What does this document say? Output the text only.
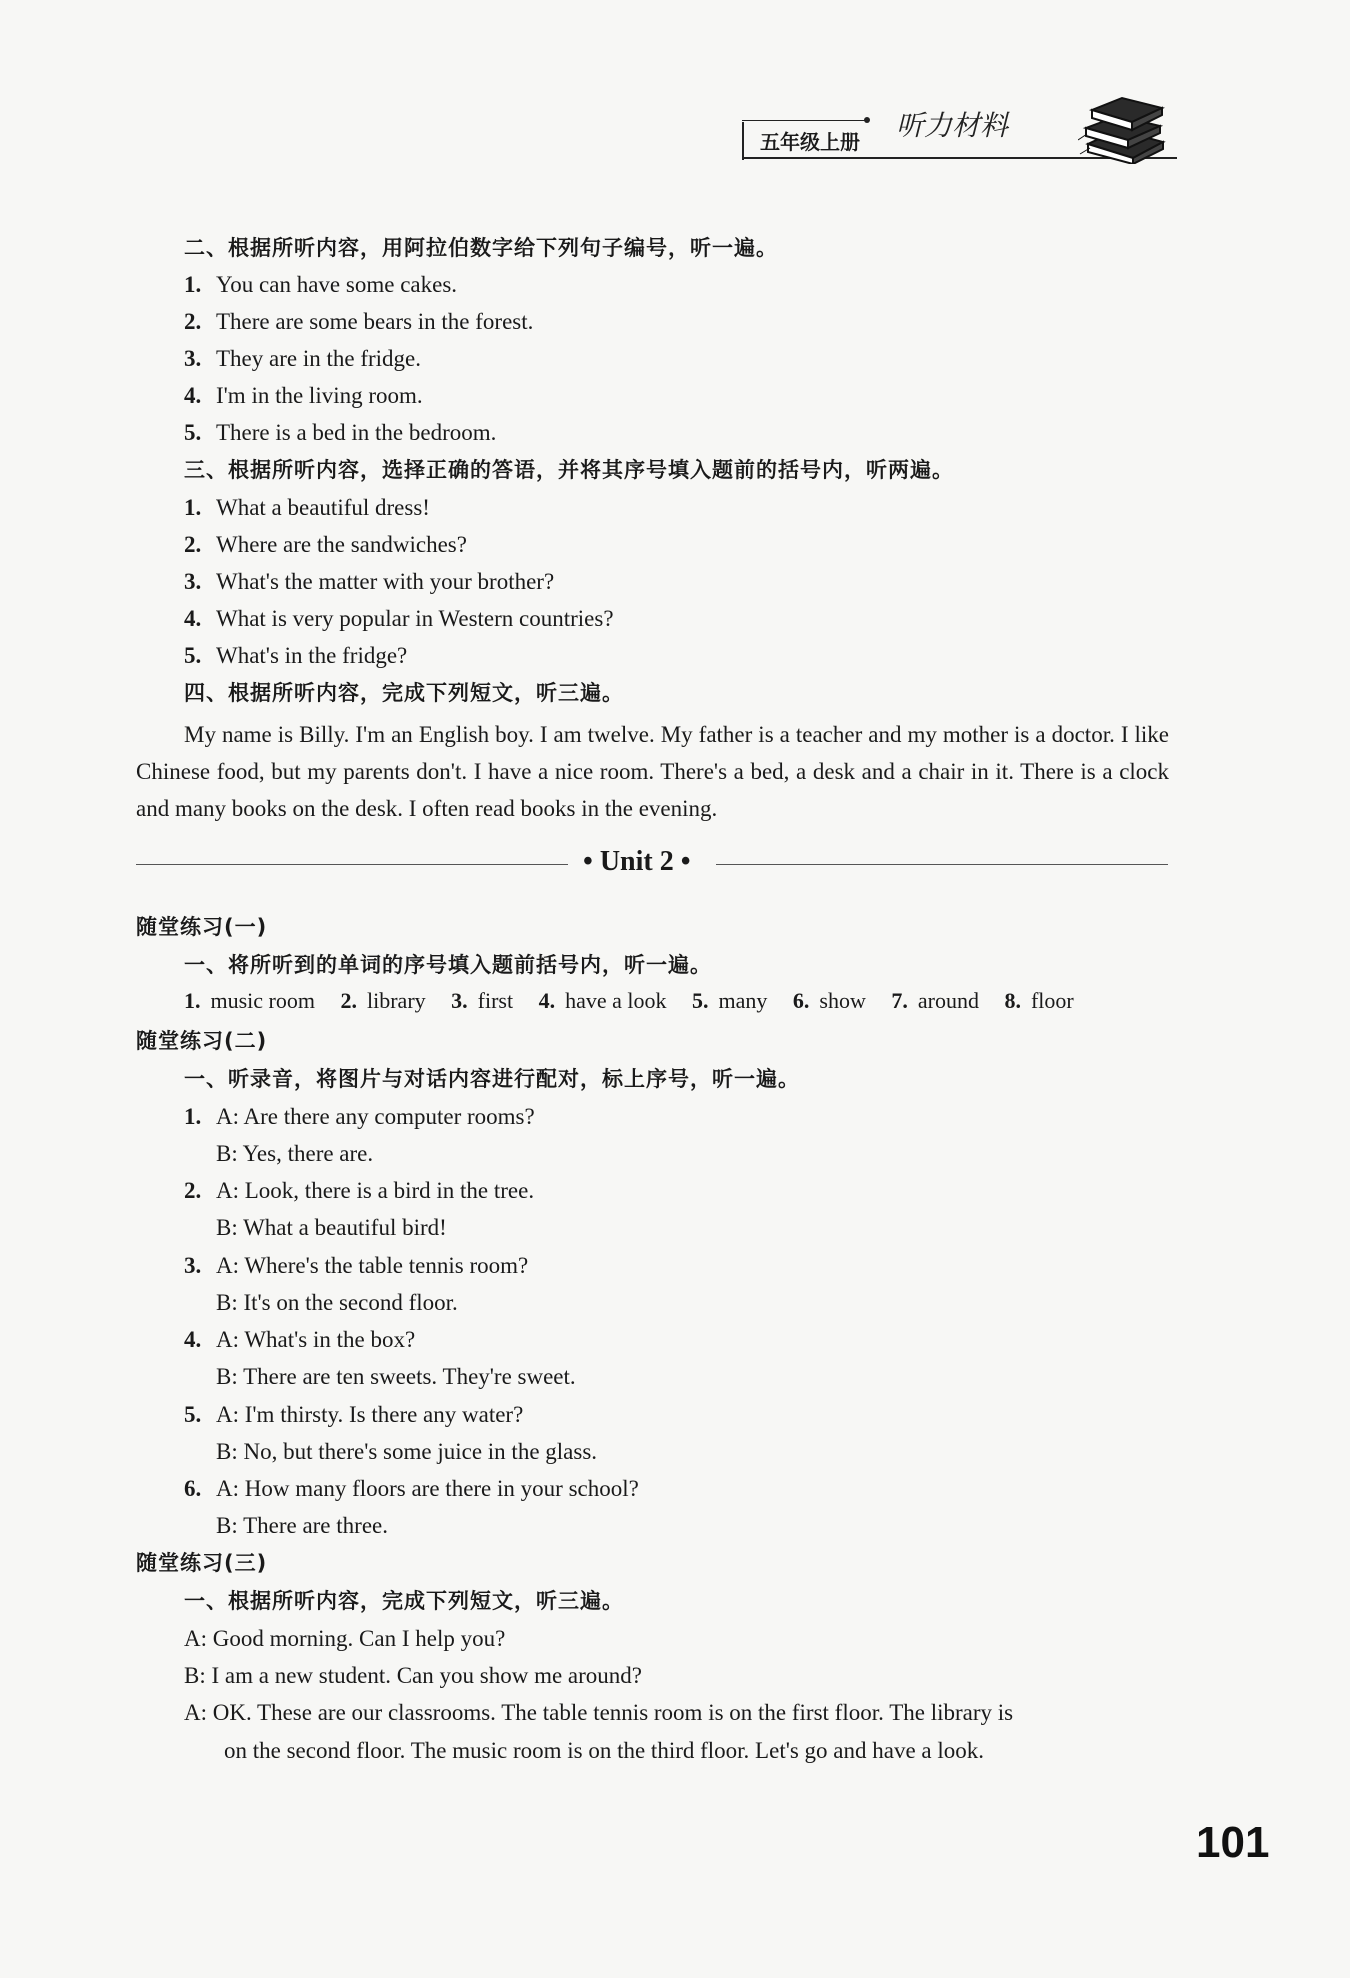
五年级上册	听力材料
二、根据所听内容，用阿拉伯数字给下列句子编号，听一遍。
1. You can have some cakes.
2. There are some bears in the forest.
3. They are in the fridge.
4. I'm in the living room.
5. There is a bed in the bedroom.
三、根据所听内容，选择正确的答语，并将其序号填入题前的括号内，听两遍。
1. What a beautiful dress!
2. Where are the sandwiches?
3. What's the matter with your brother?
4. What is very popular in Western countries?
5. What's in the fridge?
四、根据所听内容，完成下列短文，听三遍。
My name is Billy. I'm an English boy. I am twelve. My father is a teacher and my mother is a doctor. I like Chinese food, but my parents don't. I have a nice room. There's a bed, a desk and a chair in it. There is a clock and many books on the desk. I often read books in the evening.
• Unit 2 •
随堂练习(一)
一、将所听到的单词的序号填入题前括号内，听一遍。
1. music room 2. library 3. first 4. have a look 5. many 6. show 7. around 8. floor
随堂练习(二)
一、听录音，将图片与对话内容进行配对，标上序号，听一遍。
1. A: Are there any computer rooms?
B: Yes, there are.
2. A: Look, there is a bird in the tree.
B: What a beautiful bird!
3. A: Where's the table tennis room?
B: It's on the second floor.
4. A: What's in the box?
B: There are ten sweets. They're sweet.
5. A: I'm thirsty. Is there any water?
B: No, but there's some juice in the glass.
6. A: How many floors are there in your school?
B: There are three.
随堂练习(三)
一、根据所听内容，完成下列短文，听三遍。
A: Good morning. Can I help you?
B: I am a new student. Can you show me around?
A: OK. These are our classrooms. The table tennis room is on the first floor. The library is
on the second floor. The music room is on the third floor. Let's go and have a look.
101
